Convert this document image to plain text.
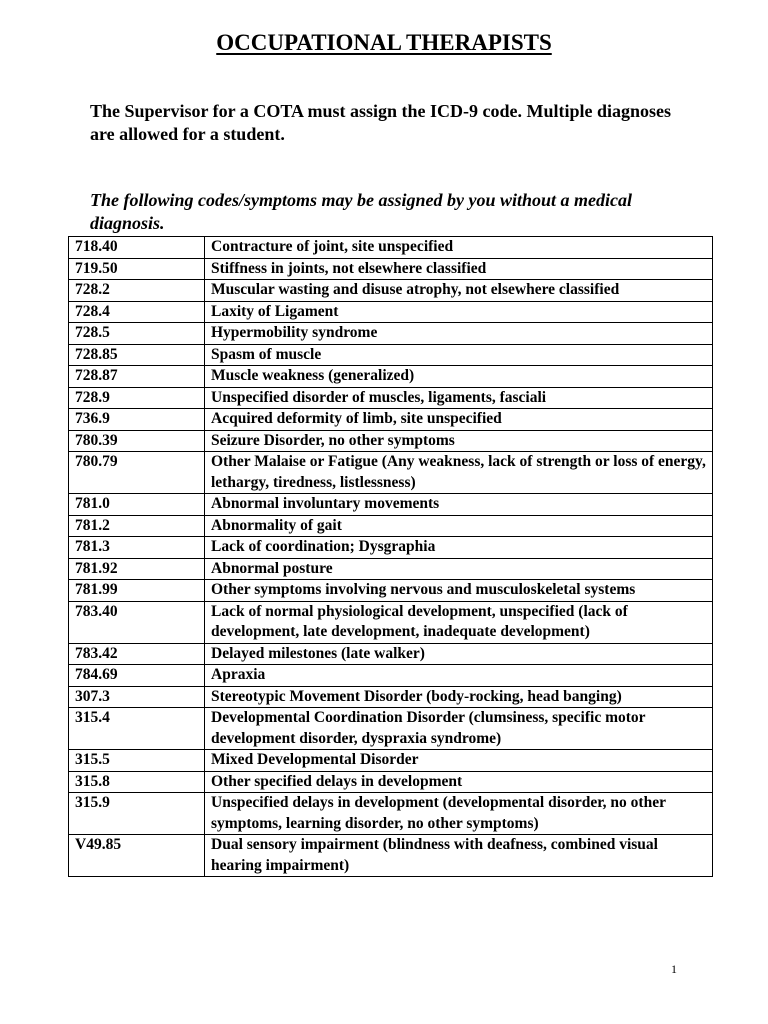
OCCUPATIONAL THERAPISTS

The Supervisor for a COTA must assign the ICD-9 code. Multiple diagnoses are allowed for a student.

The following codes/symptoms may be assigned by you without a medical diagnosis.

718.40	Contracture of joint, site unspecified
719.50	Stiffness in joints, not elsewhere classified
728.2	Muscular wasting and disuse atrophy, not elsewhere classified
728.4	Laxity of Ligament
728.5	Hypermobility syndrome
728.85	Spasm of muscle
728.87	Muscle weakness (generalized)
728.9	Unspecified disorder of muscles, ligaments, fasciali
736.9	Acquired deformity of limb, site unspecified
780.39	Seizure Disorder, no other symptoms
780.79	Other Malaise or Fatigue (Any weakness, lack of strength or loss of energy, lethargy, tiredness, listlessness)
781.0	Abnormal involuntary movements
781.2	Abnormality of gait
781.3	Lack of coordination; Dysgraphia
781.92	Abnormal posture
781.99	Other symptoms involving nervous and musculoskeletal systems
783.40	Lack of normal physiological development, unspecified (lack of development, late development, inadequate development)
783.42	Delayed milestones (late walker)
784.69	Apraxia
307.3	Stereotypic Movement Disorder (body-rocking, head banging)
315.4	Developmental Coordination Disorder (clumsiness, specific motor development disorder, dyspraxia syndrome)
315.5	Mixed Developmental Disorder
315.8	Other specified delays in development
315.9	Unspecified delays in development (developmental disorder, no other symptoms, learning disorder, no other symptoms)
V49.85	Dual sensory impairment (blindness with deafness, combined visual hearing impairment)
1
